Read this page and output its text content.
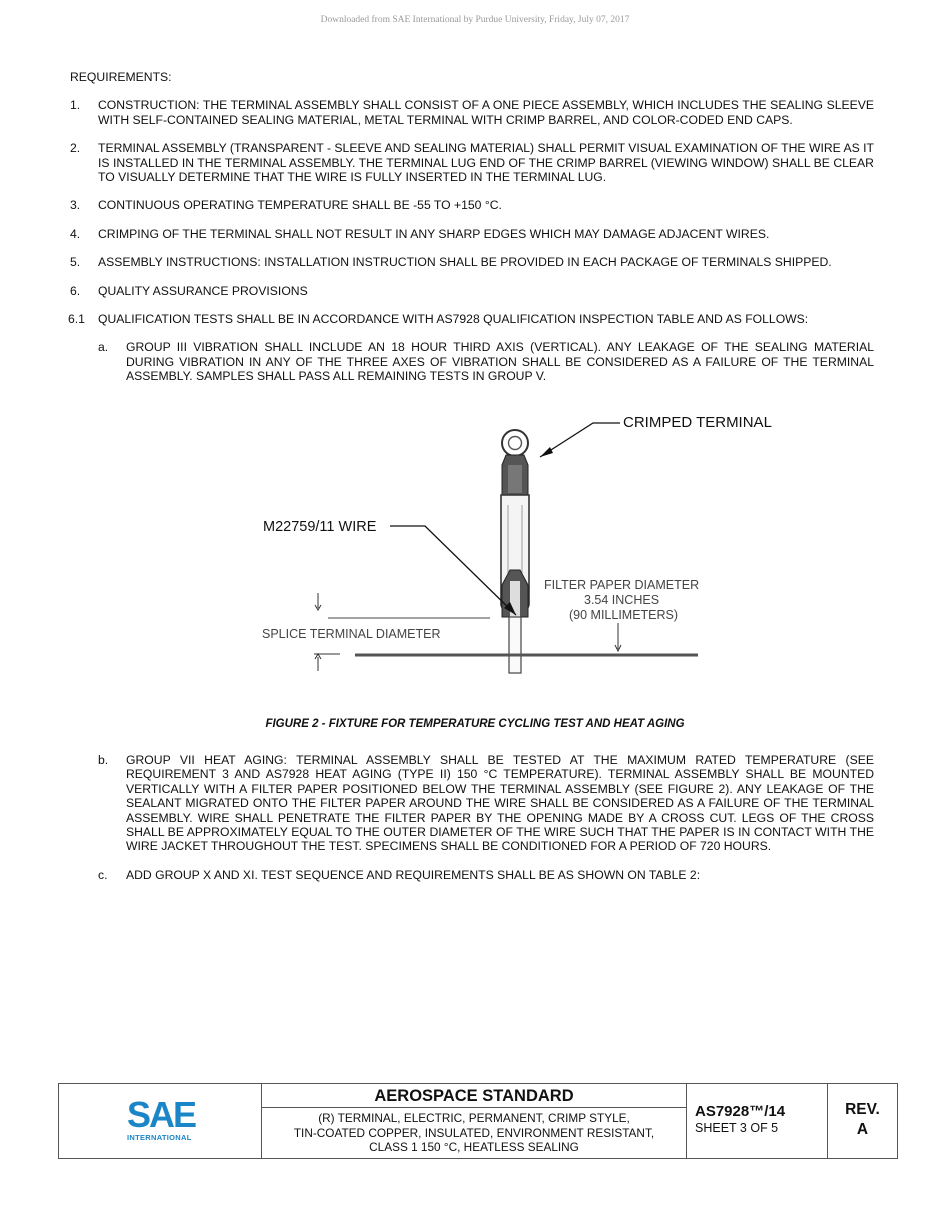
Downloaded from SAE International by Purdue University, Friday, July 07, 2017
REQUIREMENTS:
1. CONSTRUCTION: THE TERMINAL ASSEMBLY SHALL CONSIST OF A ONE PIECE ASSEMBLY, WHICH INCLUDES THE SEALING SLEEVE WITH SELF-CONTAINED SEALING MATERIAL, METAL TERMINAL WITH CRIMP BARREL, AND COLOR-CODED END CAPS.
2. TERMINAL ASSEMBLY (TRANSPARENT - SLEEVE AND SEALING MATERIAL) SHALL PERMIT VISUAL EXAMINATION OF THE WIRE AS IT IS INSTALLED IN THE TERMINAL ASSEMBLY. THE TERMINAL LUG END OF THE CRIMP BARREL (VIEWING WINDOW) SHALL BE CLEAR TO VISUALLY DETERMINE THAT THE WIRE IS FULLY INSERTED IN THE TERMINAL LUG.
3. CONTINUOUS OPERATING TEMPERATURE SHALL BE -55 TO +150 °C.
4. CRIMPING OF THE TERMINAL SHALL NOT RESULT IN ANY SHARP EDGES WHICH MAY DAMAGE ADJACENT WIRES.
5. ASSEMBLY INSTRUCTIONS: INSTALLATION INSTRUCTION SHALL BE PROVIDED IN EACH PACKAGE OF TERMINALS SHIPPED.
6. QUALITY ASSURANCE PROVISIONS
6.1 QUALIFICATION TESTS SHALL BE IN ACCORDANCE WITH AS7928 QUALIFICATION INSPECTION TABLE AND AS FOLLOWS:
a. GROUP III VIBRATION SHALL INCLUDE AN 18 HOUR THIRD AXIS (VERTICAL). ANY LEAKAGE OF THE SEALING MATERIAL DURING VIBRATION IN ANY OF THE THREE AXES OF VIBRATION SHALL BE CONSIDERED AS A FAILURE OF THE TERMINAL ASSEMBLY. SAMPLES SHALL PASS ALL REMAINING TESTS IN GROUP V.
CRIMPED TERMINAL
M22759/11 WIRE
FILTER PAPER DIAMETER
3.54 INCHES
(90 MILLIMETERS)
SPLICE TERMINAL DIAMETER
FIGURE 2 - FIXTURE FOR TEMPERATURE CYCLING TEST AND HEAT AGING
b. GROUP VII HEAT AGING: TERMINAL ASSEMBLY SHALL BE TESTED AT THE MAXIMUM RATED TEMPERATURE (SEE REQUIREMENT 3 AND AS7928 HEAT AGING (TYPE II) 150 °C TEMPERATURE). TERMINAL ASSEMBLY SHALL BE MOUNTED VERTICALLY WITH A FILTER PAPER POSITIONED BELOW THE TERMINAL ASSEMBLY (SEE FIGURE 2). ANY LEAKAGE OF THE SEALANT MIGRATED ONTO THE FILTER PAPER AROUND THE WIRE SHALL BE CONSIDERED AS A FAILURE OF THE TERMINAL ASSEMBLY. WIRE SHALL PENETRATE THE FILTER PAPER BY THE OPENING MADE BY A CROSS CUT. LEGS OF THE CROSS SHALL BE APPROXIMATELY EQUAL TO THE OUTER DIAMETER OF THE WIRE SUCH THAT THE PAPER IS IN CONTACT WITH THE WIRE JACKET THROUGHOUT THE TEST. SPECIMENS SHALL BE CONDITIONED FOR A PERIOD OF 720 HOURS.
c. ADD GROUP X AND XI. TEST SEQUENCE AND REQUIREMENTS SHALL BE AS SHOWN ON TABLE 2:
SAE
INTERNATIONAL
AEROSPACE STANDARD
(R) TERMINAL, ELECTRIC, PERMANENT, CRIMP STYLE,
TIN-COATED COPPER, INSULATED, ENVIRONMENT RESISTANT,
CLASS 1 150 °C, HEATLESS SEALING
AS7928™/14
SHEET 3 OF 5
REV.
A
